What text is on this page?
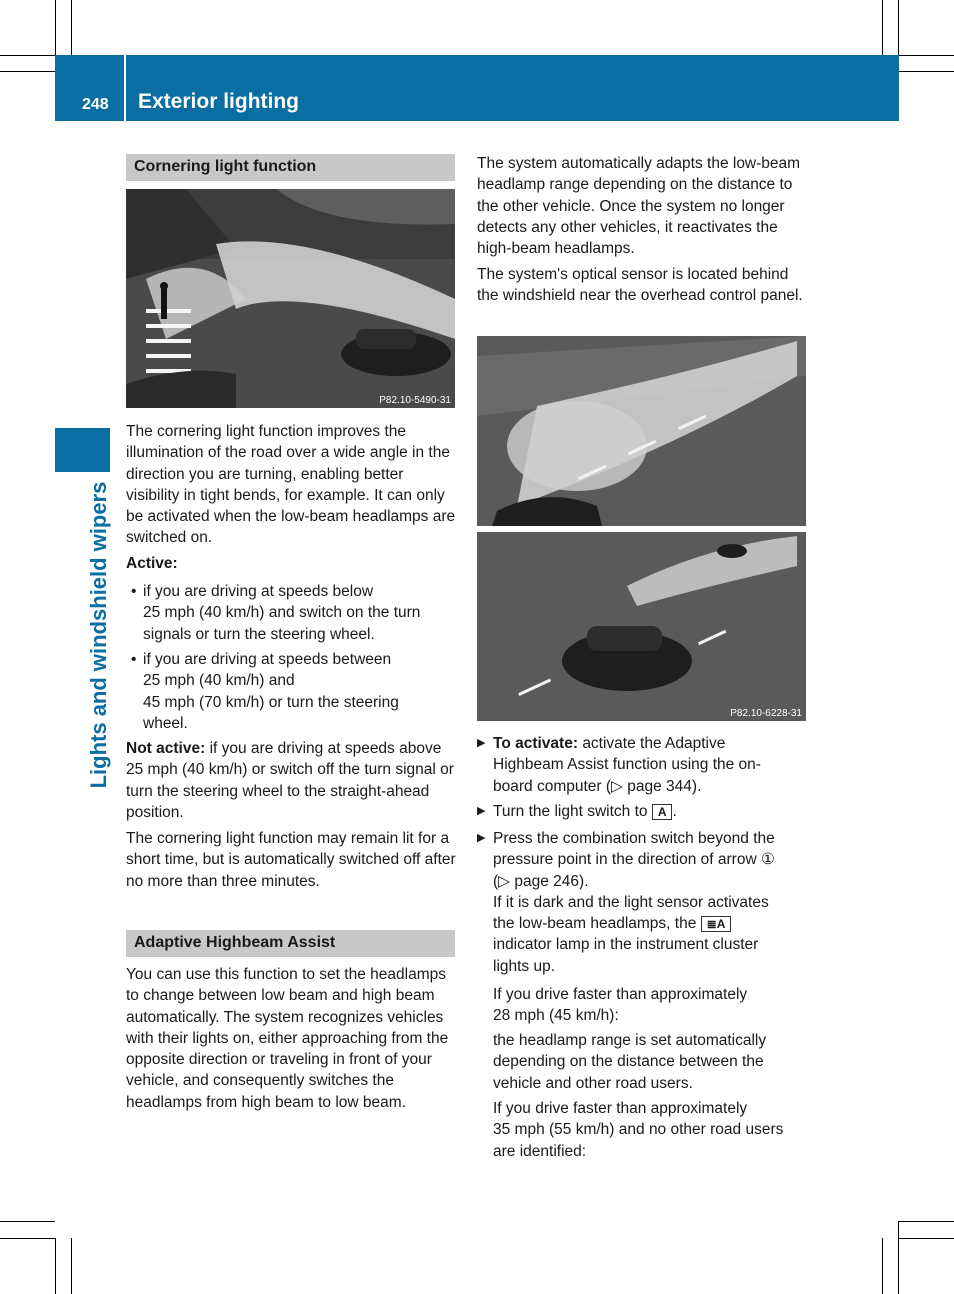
248 Exterior lighting
Lights and windshield wipers
Cornering light function
P82.10-5490-31

The cornering light function improves the illumination of the road over a wide angle in the direction you are turning, enabling better visibility in tight bends, for example. It can only be activated when the low-beam headlamps are switched on.

Active:
• if you are driving at speeds below
25 mph (40 km/h) and switch on the turn
signals or turn the steering wheel.
• if you are driving at speeds between
25 mph (40 km/h) and
45 mph (70 km/h) or turn the steering
wheel.

Not active: if you are driving at speeds above 25 mph (40 km/h) or switch off the turn signal or turn the steering wheel to the straight-ahead position.

The cornering light function may remain lit for a short time, but is automatically switched off after no more than three minutes.

Adaptive Highbeam Assist

You can use this function to set the headlamps to change between low beam and high beam automatically. The system recognizes vehicles with their lights on, either approaching from the opposite direction or traveling in front of your vehicle, and consequently switches the headlamps from high beam to low beam.

The system automatically adapts the low-beam headlamp range depending on the distance to the other vehicle. Once the system no longer detects any other vehicles, it reactivates the high-beam headlamps.

The system's optical sensor is located behind the windshield near the overhead control panel.

P82.10-6228-31
▶ To activate: activate the Adaptive
Highbeam Assist function using the on-
board computer (▷ page 344).
▶ Turn the light switch to A .
▶ Press the combination switch beyond the
pressure point in the direction of arrow ①
(▷ page 246).
If it is dark and the light sensor activates
the low-beam headlamps, the ≣A
indicator lamp in the instrument cluster
lights up.
If you drive faster than approximately
28 mph (45 km/h):
the headlamp range is set automatically
depending on the distance between the
vehicle and other road users.
If you drive faster than approximately
35 mph (55 km/h) and no other road users
are identified:
